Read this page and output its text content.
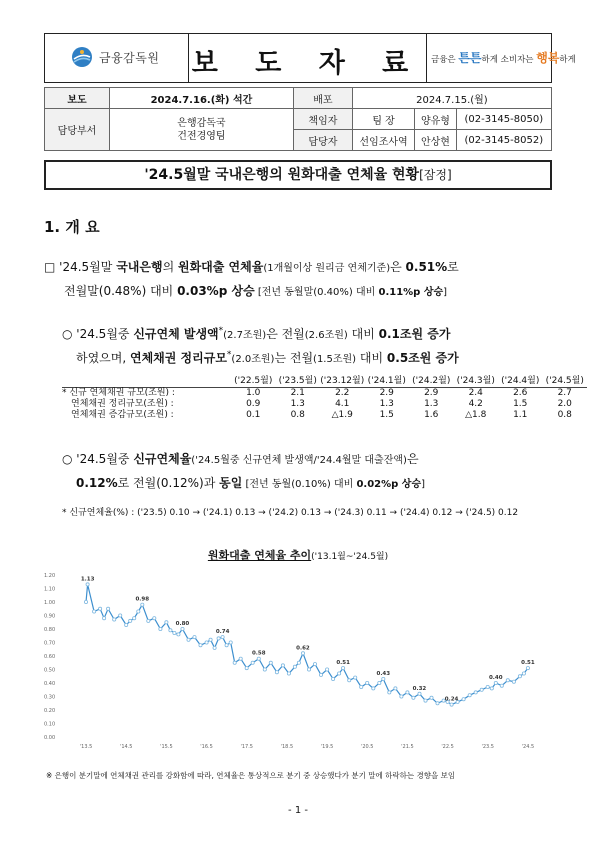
금융감독원 보 도 자 료 금융은 튼튼하게 소비자는 행복하게
보도	2024.7.16.(화) 석간	배포	2024.7.15.(월)		
담당부서	은행감독국
건전경영팀	책임자	팀 장	양유형	(02-3145-8050)
		담당자	선임조사역	안상현	(02-3145-8052)
'24.5월말 국내은행의 원화대출 연체율 현황[잠정]
1. 개 요
□ '24.5월말 국내은행의 원화대출 연체율(1개월이상 원리금 연체기준)은 0.51%로
전월말(0.48%) 대비 0.03%p 상승 [전년 동월말(0.40%) 대비 0.11%p 상승]
○ '24.5월중 신규연체 발생액*(2.7조원)은 전월(2.6조원) 대비 0.1조원 증가
하였으며, 연체채권 정리규모*(2.0조원)는 전월(1.5조원) 대비 0.5조원 증가
	('22.5월)	('23.5월)	('23.12월)	('24.1월)	('24.2월)	('24.3월)	('24.4월)	('24.5월)
* 신규 연체채권 규모(조원) :	1.0	2.1	2.2	2.9	2.9	2.4	2.6	2.7
연체채권 정리규모(조원) :	0.9	1.3	4.1	1.3	1.3	4.2	1.5	2.0
연체채권 증감규모(조원) :	0.1	0.8	△1.9	1.5	1.6	△1.8	1.1	0.8
○ '24.5월중 신규연체율('24.5월중 신규연체 발생액/'24.4월말 대출잔액)은
0.12%로 전월(0.12%)과 동일 [전년 동월(0.10%) 대비 0.02%p 상승]
* 신규연체율(%) : ('23.5) 0.10 → ('24.1) 0.13 → ('24.2) 0.13 → ('24.3) 0.11 → ('24.4) 0.12 → ('24.5) 0.12
원화대출 연체율 추이('13.1월~'24.5월)
0.00
0.10
0.20
0.30
0.40
0.50
0.60
0.70
0.80
0.90
1.00
1.10
1.20
'13.5	'14.5	'15.5	'16.5	'17.5	'18.5	'19.5	'20.5	'21.5	'22.5	'23.5	'24.5
1.13
0.98
0.80
0.74
0.58
0.62
0.51
0.43
0.32
0.24
0.40
0.51
※ 은행이 분기말에 연체채권 관리를 강화함에 따라, 연체율은 통상적으로 분기 중 상승했다가 분기 말에 하락하는 경향을 보임
- 1 -
